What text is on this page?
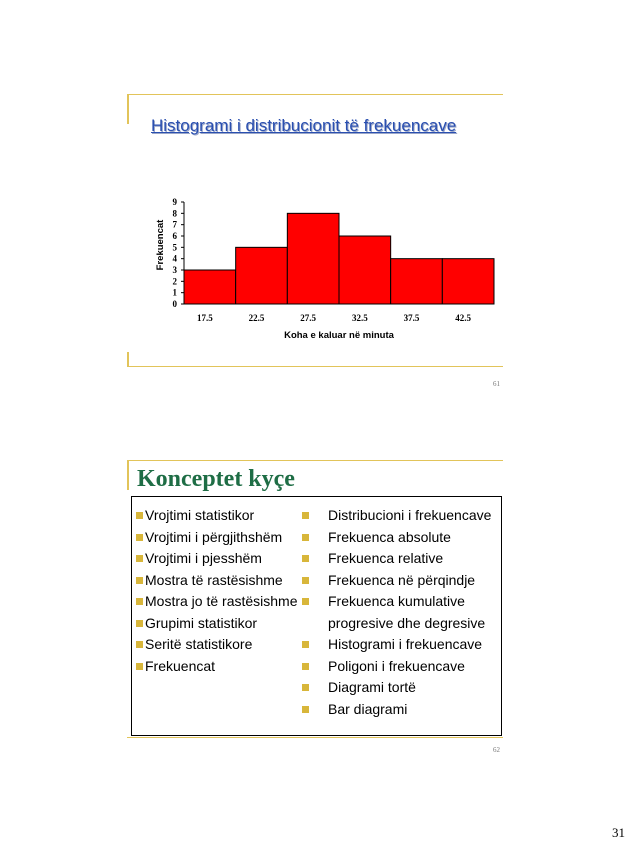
Histogrami i distribucionit të frekuencave
0
1
2
3
4
5
6
7
8
9
17.5	22.5	27.5	32.5	37.5	42.5
Koha e kaluar në minuta
Frekuencat
61
Konceptet kyçe
Vrojtimi statistikor
Vrojtimi i përgjithshëm
Vrojtimi i pjesshëm
Mostra të rastësishme
Mostra jo të rastësishme
Grupimi statistikor
Seritë statistikore
Frekuencat
Distribucioni i frekuencave
Frekuenca absolute
Frekuenca relative
Frekuenca në përqindje
Frekuenca kumulative progresive dhe degresive
Histogrami i frekuencave
Poligoni i frekuencave
Diagrami tortë
Bar diagrami
62
31
